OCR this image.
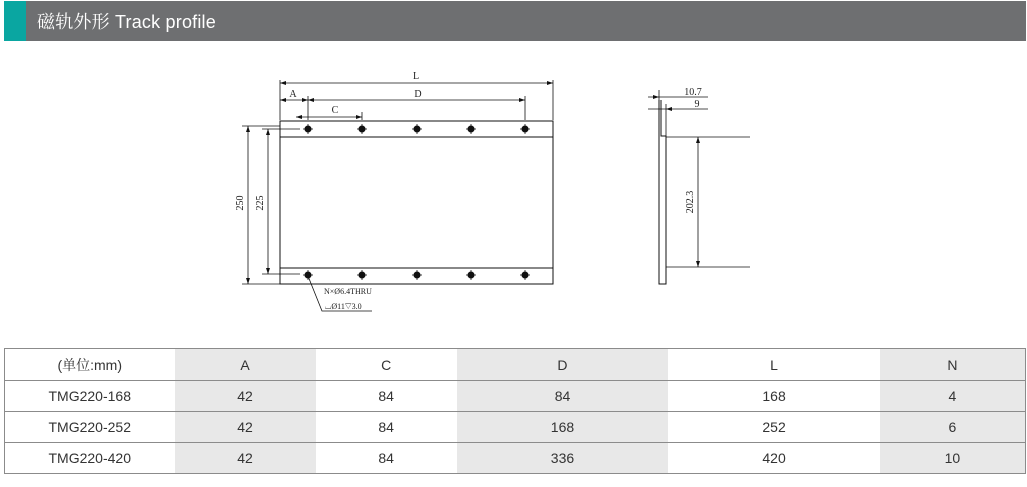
磁轨外形 Track profile
L
A	D
C
250 225
N×Ø6.4THRU
⌴Ø11▽3.0
10.7
9
202.3
(单位:mm)	A	C	D	L	N
TMG220-168	42	84	84	168	4
TMG220-252	42	84	168	252	6
TMG220-420	42	84	336	420	10
